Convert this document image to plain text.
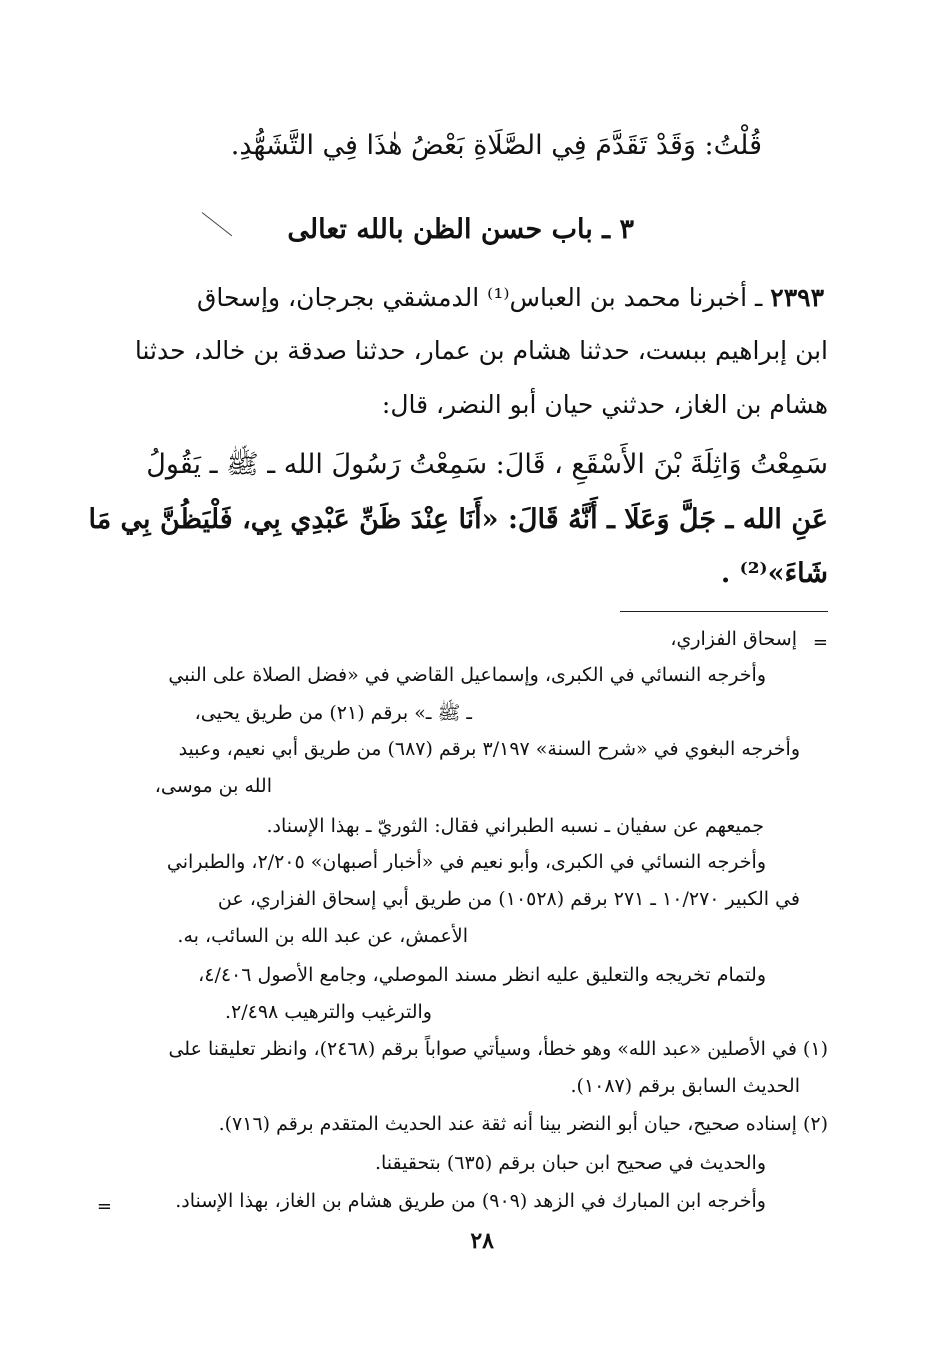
قُلْتُ: وَقَدْ تَقَدَّمَ فِي الصَّلَاةِ بَعْضُ هٰذَا فِي التَّشَهُّدِ.
٣ ـ باب حسن الظن بالله تعالى
٢٣٩٣ ـ أخبرنا محمد بن العباس⁽¹⁾ الدمشقي بجرجان، وإسحاق
ابن إبراهيم ببست، حدثنا هشام بن عمار، حدثنا صدقة بن خالد، حدثنا
هشام بن الغاز، حدثني حيان أبو النضر، قال:
سَمِعْتُ وَاثِلَةَ بْنَ الأَسْقَعِ ، قَالَ: سَمِعْتُ رَسُولَ الله ـ ﷺ ـ يَقُولُ
عَنِ الله ـ جَلَّ وَعَلَا ـ أَنَّهُ قَالَ: «أَنَا عِنْدَ ظَنِّ عَبْدِي بِي، فَلْيَظُنَّ بِي مَا
شَاءَ»⁽²⁾ .
=
إسحاق الفزاري،
وأخرجه النسائي في الكبرى، وإسماعيل القاضي في «فضل الصلاة على النبي
ـ ﷺ ـ» برقم (٢١) من طريق يحيى،
وأخرجه البغوي في «شرح السنة» ٣/١٩٧ برقم (٦٨٧) من طريق أبي نعيم، وعبيد
الله بن موسى،
جميعهم عن سفيان ـ نسبه الطبراني فقال: الثوريّ ـ بهذا الإسناد.
وأخرجه النسائي في الكبرى، وأبو نعيم في «أخبار أصبهان» ٢/٢٠٥، والطبراني
في الكبير ١٠/٢٧٠ ـ ٢٧١ برقم (١٠٥٢٨) من طريق أبي إسحاق الفزاري، عن
الأعمش، عن عبد الله بن السائب، به.
ولتمام تخريجه والتعليق عليه انظر مسند الموصلي، وجامع الأصول ٤/٤٠٦،
والترغيب والترهيب ٢/٤٩٨.
(١) في الأصلين «عبد الله» وهو خطأ، وسيأتي صواباً برقم (٢٤٦٨)، وانظر تعليقنا على
الحديث السابق برقم (١٠٨٧).
(٢) إسناده صحيح، حيان أبو النضر بينا أنه ثقة عند الحديث المتقدم برقم (٧١٦).
والحديث في صحيح ابن حبان برقم (٦٣٥) بتحقيقنا.
وأخرجه ابن المبارك في الزهد (٩٠٩) من طريق هشام بن الغاز، بهذا الإسناد.
=
٢٨
